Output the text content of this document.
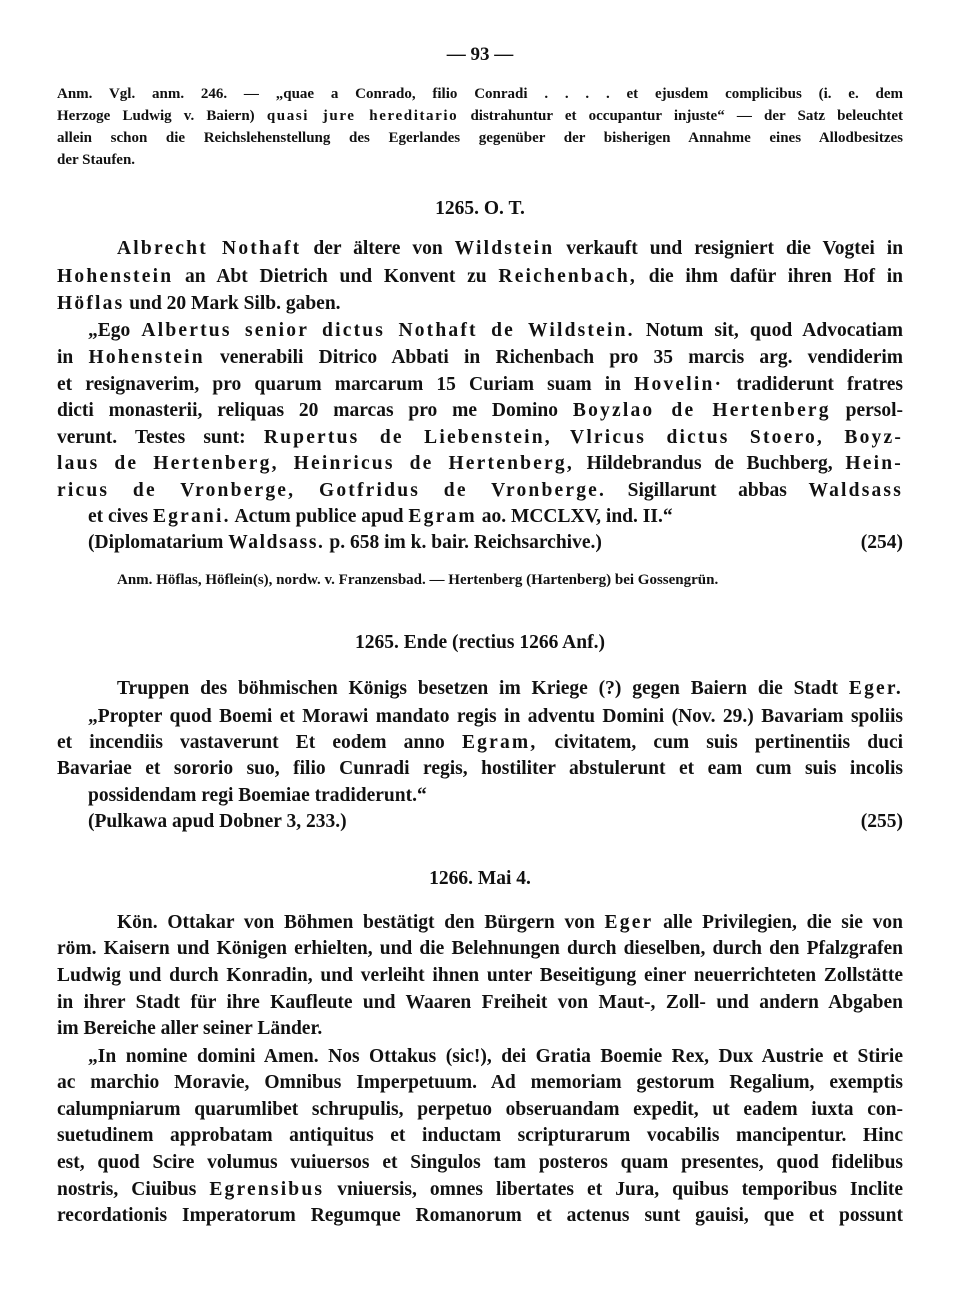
— 93 —
Anm. Vgl. anm. 246. — „quae a Conrado, filio Conradi . . . . et ejusdem complicibus (i. e. dem
Herzoge Ludwig v. Baiern) quasi jure hereditario distrahuntur et occupantur injuste“ — der Satz beleuchtet
allein schon die Reichslehenstellung des Egerlandes gegenüber der bisherigen Annahme eines Allodbesitzes
der Staufen.
1265. O. T.
Albrecht Nothaft der ältere von Wildstein verkauft und resigniert die Vogtei in
Hohenstein an Abt Dietrich und Konvent zu Reichenbach, die ihm dafür ihren Hof in
Höflas und 20 Mark Silb. gaben.
„Ego Albertus senior dictus Nothaft de Wildstein. Notum sit, quod Advocatiam
in Hohenstein venerabili Ditrico Abbati in Richenbach pro 35 marcis arg. vendiderim
et resignaverim, pro quarum marcarum 15 Curiam suam in Hovelin· tradiderunt fratres
dicti monasterii, reliquas 20 marcas pro me Domino Boyzlao de Hertenberg persol-
verunt. Testes sunt: Rupertus de Liebenstein, Vlricus dictus Stoero, Boyz-
laus de Hertenberg, Heinricus de Hertenberg, Hildebrandus de Buchberg, Hein-
ricus de Vronberge, Gotfridus de Vronberge. Sigillarunt abbas Waldsass
et cives Egrani. Actum publice apud Egram ao. MCCLXV, ind. II.“
(Diplomatarium Waldsass. p. 658 im k. bair. Reichsarchive.)	(254)
Anm. Höflas, Höflein(s), nordw. v. Franzensbad. — Hertenberg (Hartenberg) bei Gossengrün.
1265. Ende (rectius 1266 Anf.)
Truppen des böhmischen Königs besetzen im Kriege (?) gegen Baiern die Stadt Eger.
„Propter quod Boemi et Morawi mandato regis in adventu Domini (Nov. 29.) Bavariam spoliis
et incendiis vastaverunt Et eodem anno Egram, civitatem, cum suis pertinentiis duci
Bavariae et sororio suo, filio Cunradi regis, hostiliter abstulerunt et eam cum suis incolis
possidendam regi Boemiae tradiderunt.“
(Pulkawa apud Dobner 3, 233.)	(255)
1266. Mai 4.
Kön. Ottakar von Böhmen bestätigt den Bürgern von Eger alle Privilegien, die sie von
röm. Kaisern und Königen erhielten, und die Belehnungen durch dieselben, durch den Pfalzgrafen
Ludwig und durch Konradin, und verleiht ihnen unter Beseitigung einer neuerrichteten Zollstätte
in ihrer Stadt für ihre Kaufleute und Waaren Freiheit von Maut-, Zoll- und andern Abgaben
im Bereiche aller seiner Länder.
„In nomine domini Amen. Nos Ottakus (sic!), dei Gratia Boemie Rex, Dux Austrie et Stirie
ac marchio Moravie, Omnibus Imperpetuum. Ad memoriam gestorum Regalium, exemptis
calumpniarum quarumlibet schrupulis, perpetuo obseruandam expedit, ut eadem iuxta con-
suetudinem approbatam antiquitus et inductam scripturarum vocabilis mancipentur. Hinc
est, quod Scire volumus vuiuersos et Singulos tam posteros quam presentes, quod fidelibus
nostris, Ciuibus Egrensibus vniuersis, omnes libertates et Jura, quibus temporibus Inclite
recordationis Imperatorum Regumque Romanorum et actenus sunt gauisi, que et possunt
